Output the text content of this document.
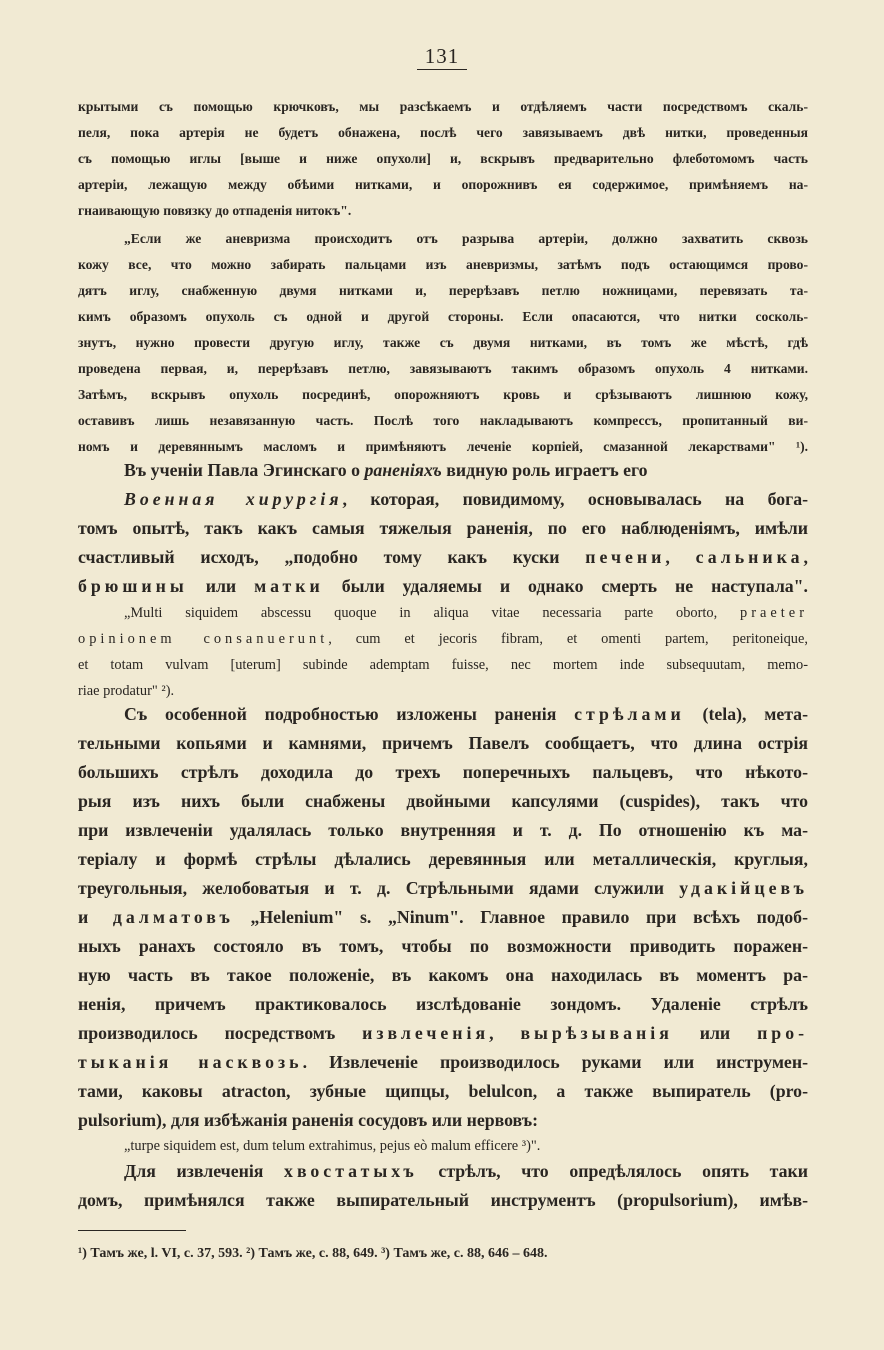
131

крытыми съ помощью крючковъ, мы разсѣкаемъ и отдѣляемъ части посредствомъ скаль-

пеля, пока артерія не будетъ обнажена, послѣ чего завязываемъ двѣ нитки, проведенныя

съ помощью иглы [выше и ниже опухоли] и, вскрывъ предварительно флеботомомъ часть

артеріи, лежащую между обѣими нитками, и опорожнивъ ея содержимое, примѣняемъ на-

гнаивающую повязку до отпаденія нитокъ".

„Если же аневризма происходитъ отъ разрыва артеріи, должно захватить сквозь

кожу все, что можно забирать пальцами изъ аневризмы, затѣмъ подъ остающимся прово-

дятъ иглу, снабженную двумя нитками и, перерѣзавъ петлю ножницами, перевязать та-

кимъ образомъ опухоль съ одной и другой стороны. Если опасаются, что нитки сосколь-

знутъ, нужно провести другую иглу, также съ двумя нитками, въ томъ же мѣстѣ, гдѣ

проведена первая, и, перерѣзавъ петлю, завязываютъ такимъ образомъ опухоль 4 нитками.

Затѣмъ, вскрывъ опухоль посрединѣ, опорожняютъ кровь и срѣзываютъ лишнюю кожу,

оставивъ лишь незавязанную часть. Послѣ того накладываютъ компрессъ, пропитанный ви-

номъ и деревяннымъ масломъ и примѣняютъ леченіе корпіей, смазанной лекарствами" ¹).

Въ ученіи Павла Эгинскаго о раненіяхъ видную роль играетъ его

Военная хирургія, которая, повидимому, основывалась на бога-

томъ опытѣ, такъ какъ самыя тяжелыя раненія, по его наблюденіямъ, имѣли

счастливый исходъ, „подобно тому какъ куски печени, сальника,

брюшины или матки были удаляемы и однако смерть не наступала".

„Multi siquidem abscessu quoque in aliqua vitae necessaria parte oborto, praeter

opinionem consanuerunt, cum et jecoris fibram, et omenti partem, peritoneique,

et totam vulvam [uterum] subinde ademptam fuisse, nec mortem inde subsequutam, memo-

riae prodatur" ²).

Съ особенной подробностью изложены раненія стрѣлами (tela), мета-

тельными копьями и камнями, причемъ Павелъ сообщаетъ, что длина острія

большихъ стрѣлъ доходила до трехъ поперечныхъ пальцевъ, что нѣкото-

рыя изъ нихъ были снабжены двойными капсулями (cuspides), такъ что

при извлеченіи удалялась только внутренняя и т. д. По отношенію къ ма-

теріалу и формѣ стрѣлы дѣлались деревянныя или металлическія, круглыя,

треугольныя, желобоватыя и т. д. Стрѣльными ядами служили удакійцевъ

и далматовъ „Helenium" s. „Ninum". Главное правило при всѣхъ подоб-

ныхъ ранахъ состояло въ томъ, чтобы по возможности приводить поражен-

ную часть въ такое положеніе, въ какомъ она находилась въ моментъ ра-

ненія, причемъ практиковалось изслѣдованіе зондомъ. Удаленіе стрѣлъ

производилось посредствомъ извлеченія, вырѣзыванія или про-

тыканія насквозь. Извлеченіе производилось руками или инструмен-

тами, каковы atracton, зубные щипцы, belulcon, а также выпиратель (pro-

pulsorium), для избѣжанія раненія сосудовъ или нервовъ:

„turpe siquidem est, dum telum extrahimus, pejus eò malum efficere ³)".

Для извлеченія хвостатыхъ стрѣлъ, что опредѣлялось опять таки

домъ, примѣнялся также выпирательный инструментъ (propulsorium), имѣв-

¹) Тамъ же, l. VI, с. 37, 593. ²) Тамъ же, с. 88, 649. ³) Тамъ же, с. 88, 646 – 648.
